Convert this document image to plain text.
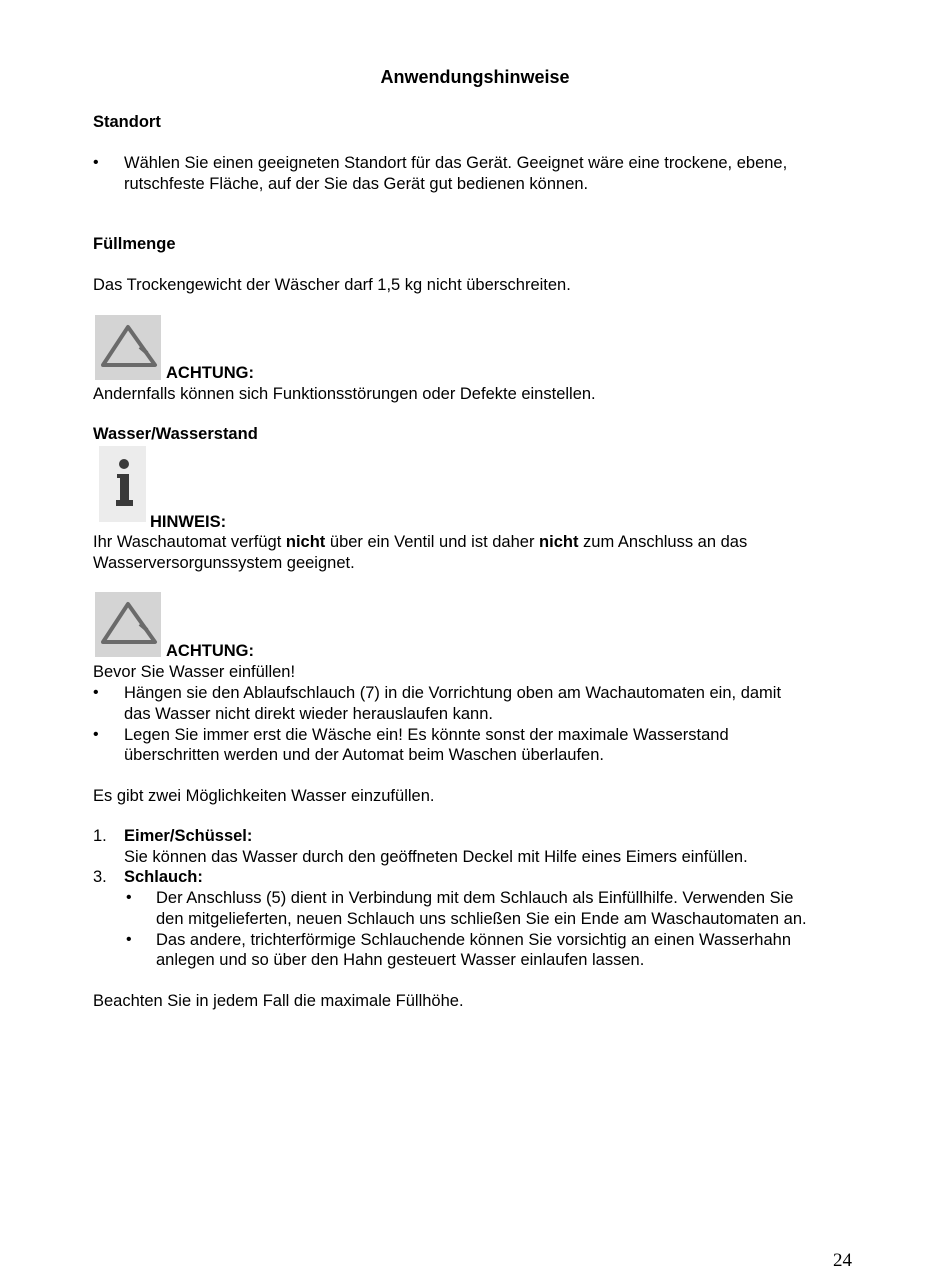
Anwendungshinweise
Standort
• Wählen Sie einen geeigneten Standort für das Gerät. Geeignet wäre eine trockene, ebene,
rutschfeste Fläche, auf der Sie das Gerät gut bedienen können.
Füllmenge
Das Trockengewicht der Wäscher darf 1,5 kg nicht überschreiten.
ACHTUNG:
Andernfalls können sich Funktionsstörungen oder Defekte einstellen.
Wasser/Wasserstand
HINWEIS:
Ihr Waschautomat verfügt nicht über ein Ventil und ist daher nicht zum Anschluss an das
Wasserversorgunssystem geeignet.
ACHTUNG:
Bevor Sie Wasser einfüllen!
• Hängen sie den Ablaufschlauch (7) in die Vorrichtung oben am Wachautomaten ein, damit
das Wasser nicht direkt wieder herauslaufen kann.
• Legen Sie immer erst die Wäsche ein! Es könnte sonst der maximale Wasserstand
überschritten werden und der Automat beim Waschen überlaufen.
Es gibt zwei Möglichkeiten Wasser einzufüllen.
1. Eimer/Schüssel:
Sie können das Wasser durch den geöffneten Deckel mit Hilfe eines Eimers einfüllen.
3. Schlauch:
• Der Anschluss (5) dient in Verbindung mit dem Schlauch als Einfüllhilfe. Verwenden Sie
den mitgelieferten, neuen Schlauch uns schließen Sie ein Ende am Waschautomaten an.
• Das andere, trichterförmige Schlauchende können Sie vorsichtig an einen Wasserhahn
anlegen und so über den Hahn gesteuert Wasser einlaufen lassen.
Beachten Sie in jedem Fall die maximale Füllhöhe.
24
